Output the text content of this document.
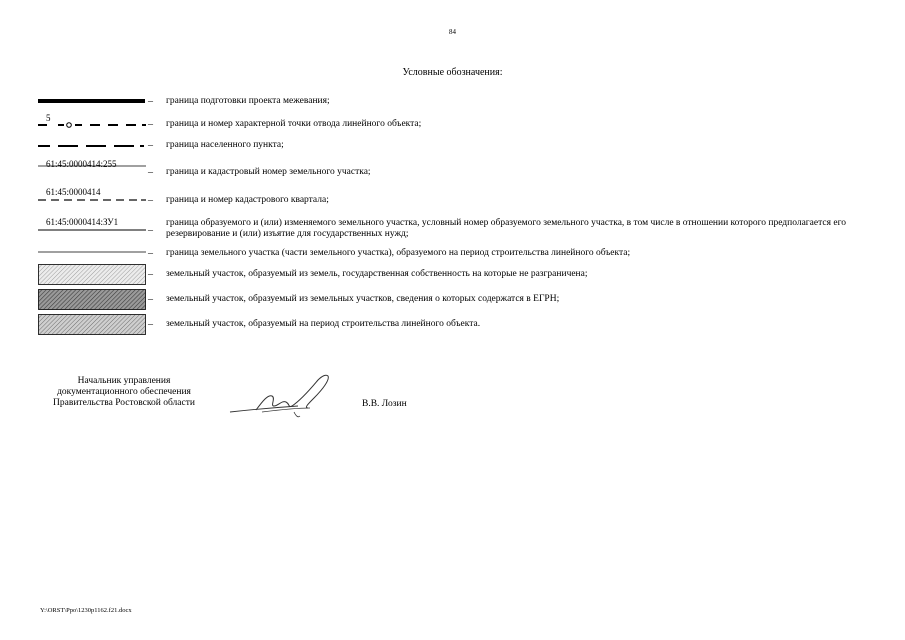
84
Условные обозначения:
– граница подготовки проекта межевания;
5
– граница и номер характерной точки отвода линейного объекта;
– граница населенного пункта;
61:45:0000414:255
– граница и кадастровый номер земельного участка;
61:45:0000414
– граница и номер кадастрового квартала;
61:45:0000414:ЗУ1
–
граница образуемого и (или) изменяемого земельного участка, условный номер образуемого земельного участка, в том числе в отношении которого предполагается его резервирование и (или) изъятие для государственных нужд;
– граница земельного участка (части земельного участка), образуемого на период строительства линейного объекта;
– земельный участок, образуемый из земель, государственная собственность на которые не разграничена;
– земельный участок, образуемый из земельных участков, сведения о которых содержатся в ЕГРН;
– земельный участок, образуемый на период строительства линейного объекта.
Начальник управления
документационного обеспечения
Правительства Ростовской области	В.В. Лозин
Y:\ORST\Ppo\1230p1162.f21.docx
